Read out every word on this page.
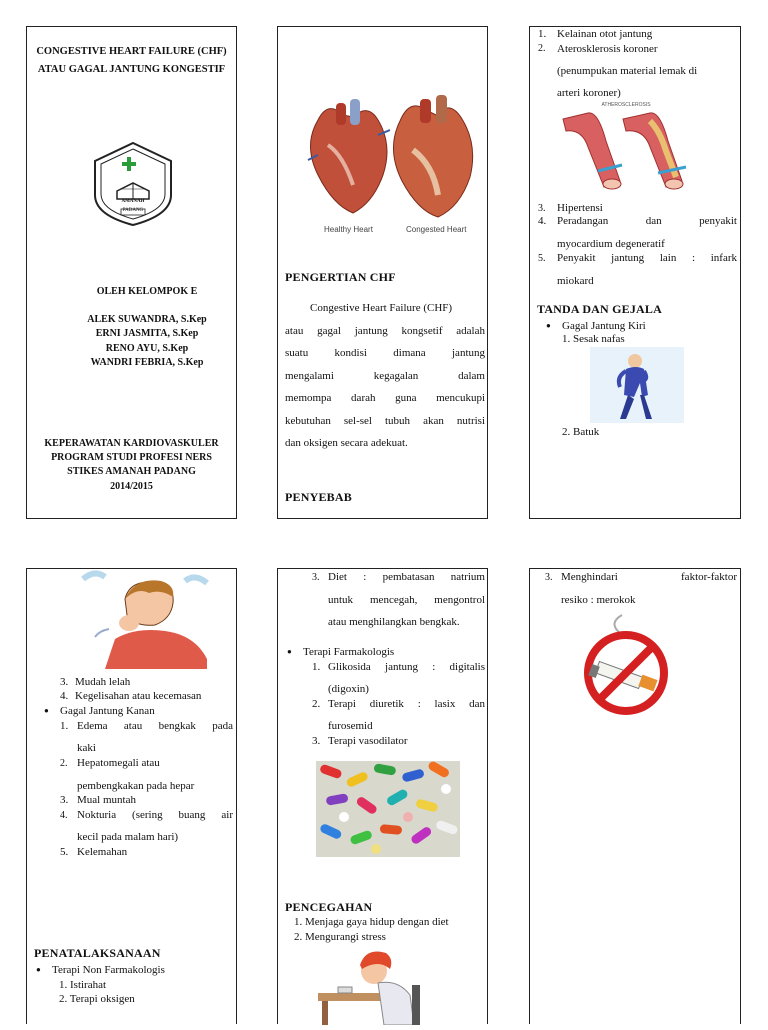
CONGESTIVE HEART FAILURE (CHF)
ATAU GAGAL JANTUNG KONGESTIF
AMANAH
PADANG
OLEH KELOMPOK E
ALEK SUWANDRA, S.Kep
ERNI JASMITA, S.Kep
RENO AYU, S.Kep
WANDRI FEBRIA, S.Kep
KEPERAWATAN KARDIOVASKULER
PROGRAM STUDI PROFESI NERS
STIKES AMANAH PADANG
2014/2015
Healthy Heart	Congested Heart
PENGERTIAN CHF
Congestive Heart Failure (CHF)
atau gagal jantung kongsetif adalah
suatu kondisi dimana jantung
mengalami kegagalan dalam
memompa darah guna mencukupi
kebutuhan sel-sel tubuh akan nutrisi
dan oksigen secara adekuat.
PENYEBAB
1. Kelainan otot jantung
2. Aterosklerosis koroner
(penumpukan material lemak di
arteri koroner)
ATHEROSCLEROSIS
3. Hipertensi
4. Peradangan dan penyakit
myocardium degeneratif
5. Penyakit jantung lain : infark
miokard
TANDA DAN GEJALA
● Gagal Jantung Kiri
1. Sesak nafas
2. Batuk
3. Mudah lelah
4. Kegelisahan atau kecemasan
● Gagal Jantung Kanan
1. Edema atau bengkak pada
kaki
2. Hepatomegali atau
pembengkakan pada hepar
3. Mual muntah
4. Nokturia (sering buang air
kecil pada malam hari)
5. Kelemahan
PENATALAKSANAAN
● Terapi Non Farmakologis
1. Istirahat
2. Terapi oksigen
3. Diet : pembatasan natrium
untuk mencegah, mengontrol
atau menghilangkan bengkak.
● Terapi Farmakologis
1. Glikosida jantung : digitalis
(digoxin)
2. Terapi diuretik : lasix dan
furosemid
3. Terapi vasodilator
PENCEGAHAN
1. Menjaga gaya hidup dengan diet
2. Mengurangi stress
3. Menghindari faktor-faktor
resiko : merokok
